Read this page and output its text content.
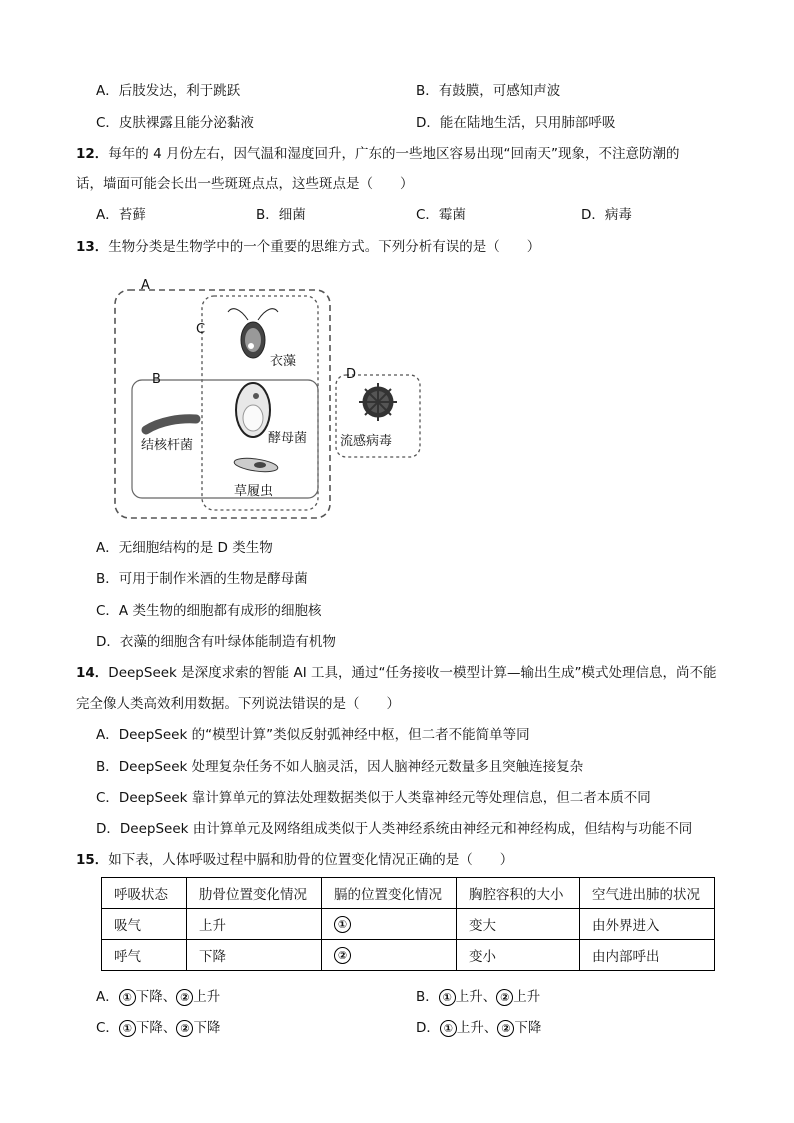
A．后肢发达，利于跳跃	B．有鼓膜，可感知声波
C．皮肤裸露且能分泌黏液	D．能在陆地生活，只用肺部呼吸
12．每年的 4 月份左右，因气温和湿度回升，广东的一些地区容易出现“回南天”现象，不注意防潮的
话，墙面可能会长出一些斑斑点点，这些斑点是（　　）
A．苔藓	B．细菌	C．霉菌	D．病毒
13．生物分类是生物学中的一个重要的思维方式。下列分析有误的是（　　）
A
C
B	D
衣藻
酵母菌
结核杆菌
草履虫
流感病毒
A．无细胞结构的是 D 类生物
B．可用于制作米酒的生物是酵母菌
C．A 类生物的细胞都有成形的细胞核
D．衣藻的细胞含有叶绿体能制造有机物
14．DeepSeek 是深度求索的智能 AI 工具，通过“任务接收一模型计算—输出生成”模式处理信息，尚不能
完全像人类高效利用数据。下列说法错误的是（　　）
A．DeepSeek 的“模型计算”类似反射弧神经中枢，但二者不能简单等同
B．DeepSeek 处理复杂任务不如人脑灵活，因人脑神经元数量多且突触连接复杂
C．DeepSeek 靠计算单元的算法处理数据类似于人类靠神经元等处理信息，但二者本质不同
D．DeepSeek 由计算单元及网络组成类似于人类神经系统由神经元和神经构成，但结构与功能不同
15．如下表，人体呼吸过程中膈和肋骨的位置变化情况正确的是（　　）
呼吸状态	肋骨位置变化情况	膈的位置变化情况	胸腔容积的大小	空气进出肺的状况
吸气	上升	①	变大	由外界进入
呼气	下降	②	变小	由内部呼出
A． ① 下降、 ② 上升	B． ① 上升、 ② 上升
C． ① 下降、 ② 下降	D． ① 上升、 ② 下降
